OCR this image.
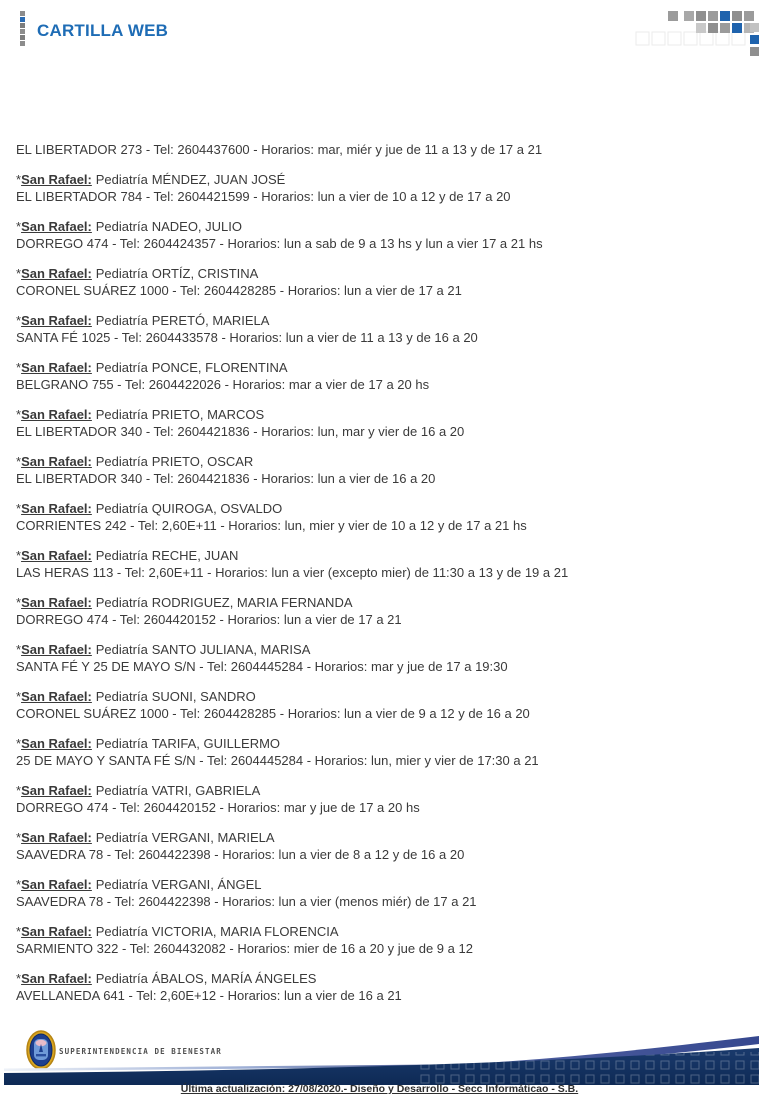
CARTILLA WEB
EL LIBERTADOR 273 - Tel: 2604437600 - Horarios: mar, miér y jue de 11 a 13 y de 17 a 21
*San Rafael: Pediatría MÉNDEZ, JUAN JOSÉ
EL LIBERTADOR 784 - Tel: 2604421599 - Horarios: lun a vier de 10 a 12 y de 17 a 20
*San Rafael: Pediatría NADEO, JULIO
DORREGO 474 - Tel: 2604424357 - Horarios: lun a sab de 9 a 13 hs y lun a vier 17 a 21 hs
*San Rafael: Pediatría ORTÍZ, CRISTINA
CORONEL SUÁREZ 1000 - Tel: 2604428285 - Horarios: lun a vier de 17 a 21
*San Rafael: Pediatría PERETÓ, MARIELA
SANTA FÉ 1025 - Tel: 2604433578 - Horarios: lun a vier de 11 a 13 y de 16 a 20
*San Rafael: Pediatría PONCE, FLORENTINA
BELGRANO 755 - Tel: 2604422026 - Horarios: mar a vier de 17 a 20 hs
*San Rafael: Pediatría PRIETO, MARCOS
EL LIBERTADOR 340 - Tel: 2604421836 - Horarios: lun, mar y vier de 16 a 20
*San Rafael: Pediatría PRIETO, OSCAR
EL LIBERTADOR 340 - Tel: 2604421836 - Horarios: lun a vier de 16 a 20
*San Rafael: Pediatría QUIROGA, OSVALDO
CORRIENTES 242 - Tel: 2,60E+11 - Horarios: lun, mier y vier de 10 a 12 y de 17 a 21 hs
*San Rafael: Pediatría RECHE, JUAN
LAS HERAS 113 - Tel: 2,60E+11 - Horarios: lun a vier (excepto mier) de 11:30 a 13 y de 19 a 21
*San Rafael: Pediatría RODRIGUEZ, MARIA FERNANDA
DORREGO 474 - Tel: 2604420152 - Horarios: lun a vier de 17 a 21
*San Rafael: Pediatría SANTO JULIANA, MARISA
SANTA FÉ Y 25 DE MAYO S/N - Tel: 2604445284 - Horarios: mar y jue de 17 a 19:30
*San Rafael: Pediatría SUONI, SANDRO
CORONEL SUÁREZ 1000 - Tel: 2604428285 - Horarios: lun a vier de 9 a 12 y de 16 a 20
*San Rafael: Pediatría TARIFA, GUILLERMO
25 DE MAYO Y SANTA FÉ S/N - Tel: 2604445284 - Horarios: lun, mier y vier de 17:30 a 21
*San Rafael: Pediatría VATRI, GABRIELA
DORREGO 474 - Tel: 2604420152 - Horarios: mar y jue de 17 a 20 hs
*San Rafael: Pediatría VERGANI, MARIELA
SAAVEDRA 78 - Tel: 2604422398 - Horarios: lun a vier de 8 a 12 y de 16 a 20
*San Rafael: Pediatría VERGANI, ÁNGEL
SAAVEDRA 78 - Tel: 2604422398 - Horarios: lun a vier (menos miér) de 17 a 21
*San Rafael: Pediatría VICTORIA, MARIA FLORENCIA
SARMIENTO 322 - Tel: 2604432082 - Horarios: mier de 16 a 20 y jue de 9 a 12
*San Rafael: Pediatría ÁBALOS, MARÍA ÁNGELES
AVELLANEDA 641 - Tel: 2,60E+12 - Horarios: lun a vier de 16 a 21
SUPERINTENDENCIA DE BIENESTAR
Última actualización: 27/08/2020.- Diseño y Desarrollo - Secc Informáticao - S.B.
